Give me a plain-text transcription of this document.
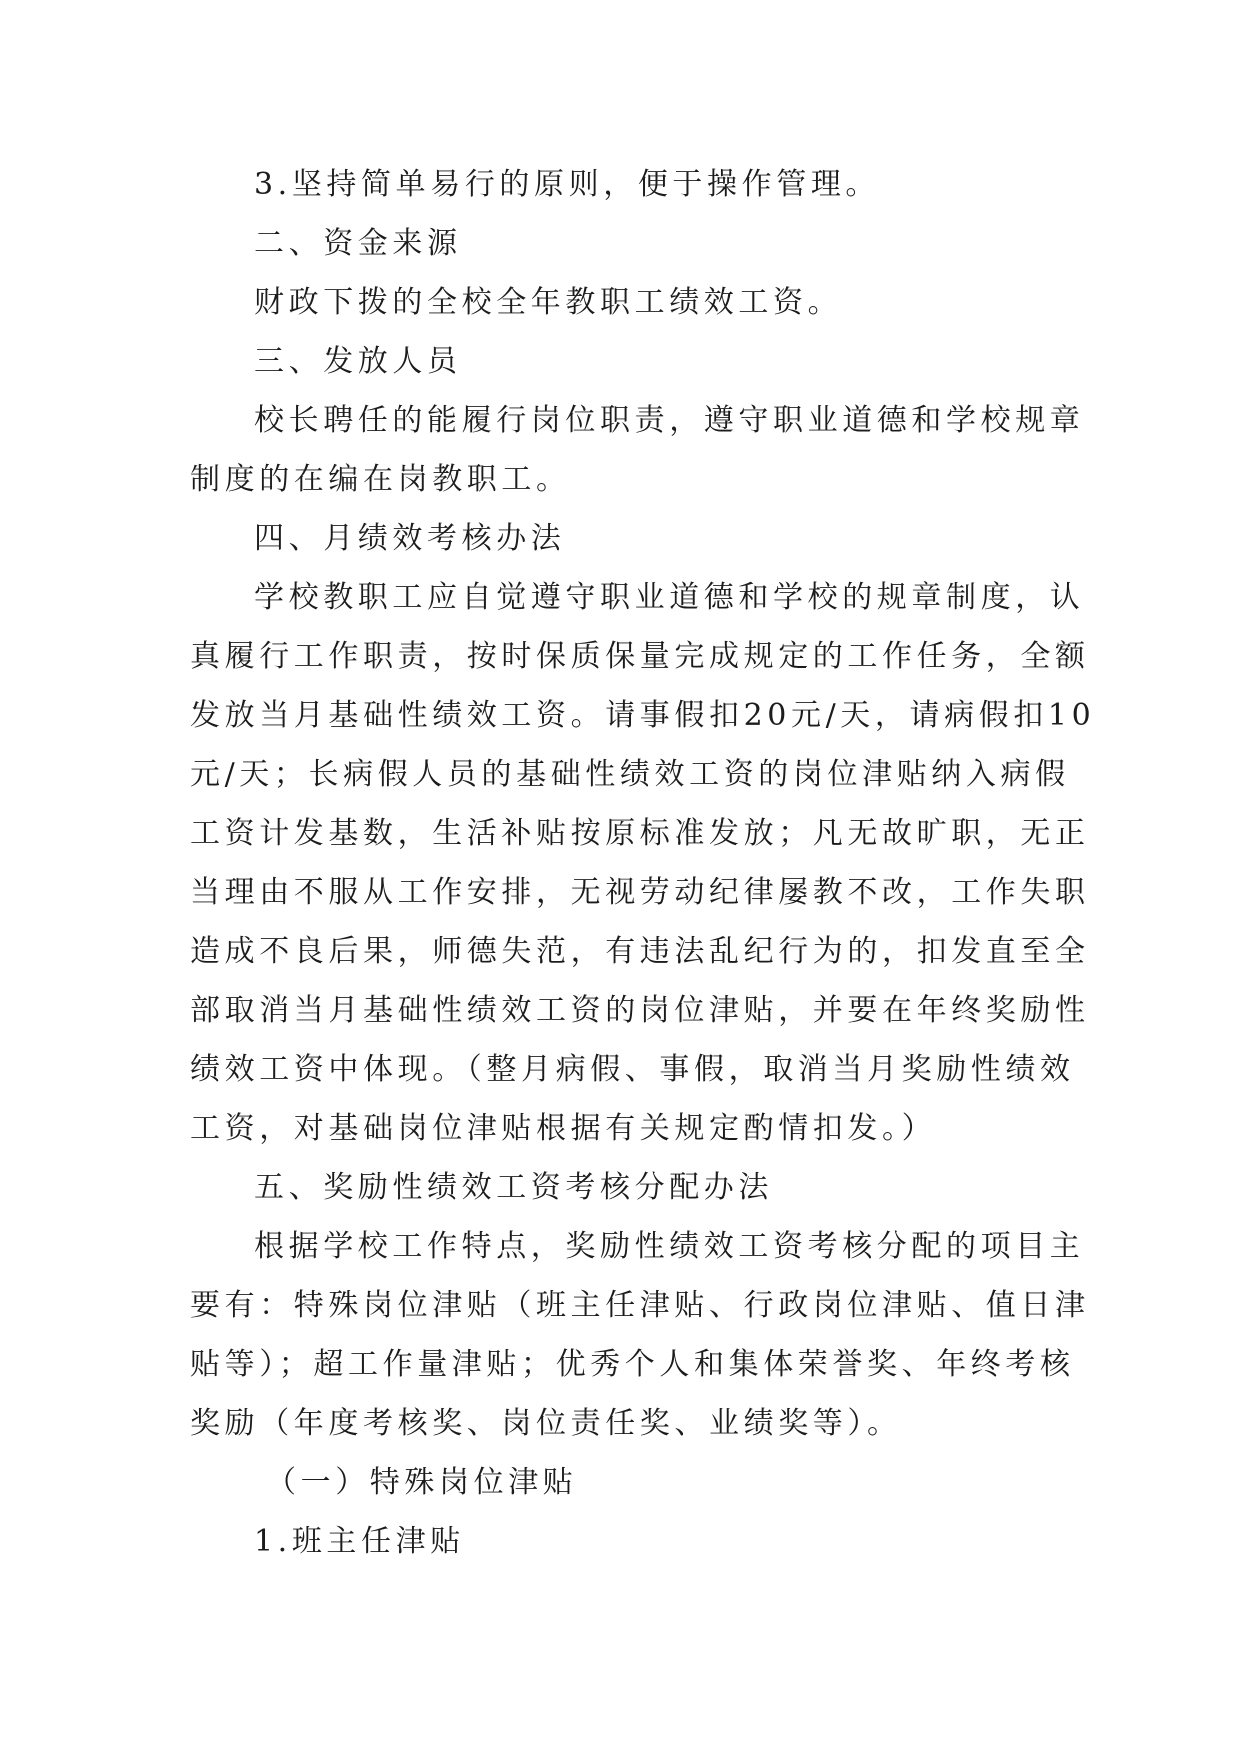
3.坚持简单易行的原则，便于操作管理。
二、资金来源
财政下拨的全校全年教职工绩效工资。
三、发放人员
校长聘任的能履行岗位职责，遵守职业道德和学校规章
制度的在编在岗教职工。
四、月绩效考核办法
学校教职工应自觉遵守职业道德和学校的规章制度，认
真履行工作职责，按时保质保量完成规定的工作任务，全额
发放当月基础性绩效工资。请事假扣20元/天，请病假扣10
元/天；长病假人员的基础性绩效工资的岗位津贴纳入病假
工资计发基数，生活补贴按原标准发放；凡无故旷职，无正
当理由不服从工作安排，无视劳动纪律屡教不改，工作失职
造成不良后果，师德失范，有违法乱纪行为的，扣发直至全
部取消当月基础性绩效工资的岗位津贴，并要在年终奖励性
绩效工资中体现。（整月病假、事假，取消当月奖励性绩效
工资，对基础岗位津贴根据有关规定酌情扣发。）
五、奖励性绩效工资考核分配办法
根据学校工作特点，奖励性绩效工资考核分配的项目主
要有：特殊岗位津贴（班主任津贴、行政岗位津贴、值日津
贴等）；超工作量津贴；优秀个人和集体荣誉奖、年终考核
奖励（年度考核奖、岗位责任奖、业绩奖等）。
（一）特殊岗位津贴
1.班主任津贴
